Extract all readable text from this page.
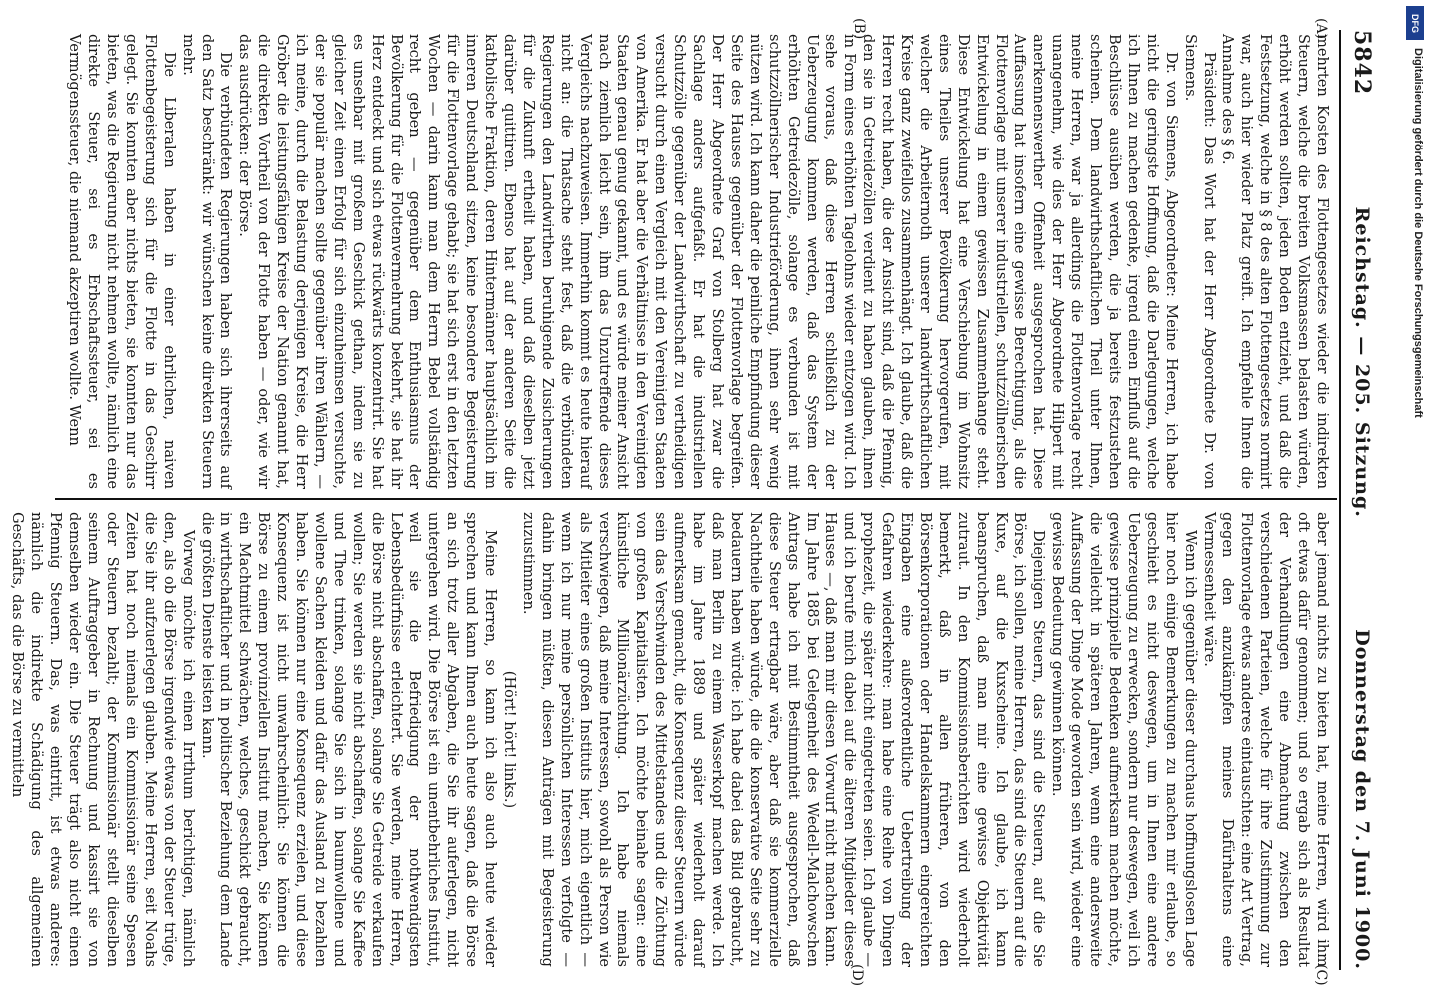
5842
Reichstag. — 205. Sitzung.
Donnerstag den 7. Juni 1900.
(A)
(B)
(C)
(D)

mehrten Kosten des Flottengesetzes wieder die indirekten Steuern, welche die breiten Volksmassen belasten würden, erhöht werden sollten, jeden Boden entzieht, und daß die Festsetzung, welche in § 8 des alten Flottengesetzes normirt war, auch hier wieder Platz greift. Ich empfehle Ihnen die Annahme des § 6.

Präsident: Das Wort hat der Herr Abgeordnete Dr. von Siemens.

Dr. von Siemens, Abgeordneter: Meine Herren, ich habe nicht die geringste Hoffnung, daß die Darlegungen, welche ich Ihnen zu machen gedenke, irgend einen Einfluß auf die Beschlüsse ausüben werden, die ja bereits festzustehen scheinen. Dem landwirthschaftlichen Theil unter Ihnen, meine Herren, war ja allerdings die Flottenvorlage recht unangenehm, wie dies der Herr Abgeordnete Hilpert mit anerkennenswerther Offenheit ausgesprochen hat. Diese Auffassung hat insofern eine gewisse Berechtigung, als die Flottenvorlage mit unserer industriellen, schutzzöllnerischen Entwickelung in einem gewissen Zusammenhange steht. Diese Entwickelung hat eine Verschiebung im Wohnsitz eines Theiles unserer Bevölkerung hervorgerufen, mit welcher die Arbeiternoth unserer landwirthschaftlichen Kreise ganz zweifellos zusammenhängt. Ich glaube, daß die Herren recht haben, die der Ansicht sind, daß die Pfennig, den sie in Getreidezöllen verdient zu haben glauben, ihnen in Form eines erhöhten Tagelohns wieder entzogen wird. Ich sehe voraus, daß diese Herren schließlich zu der Ueberzeugung kommen werden, daß das System der erhöhten Getreidezölle, solange es verbunden ist mit schutzzöllnerischer Industrieförderung, ihnen sehr wenig nützen wird. Ich kann daher die peinliche Empfindung dieser Seite des Hauses gegenüber der Flottenvorlage begreifen. Der Herr Abgeordnete Graf von Stolberg hat zwar die Sachlage anders aufgefaßt. Er hat die industriellen Schutzzölle gegenüber der Landwirthschaft zu vertheidigen versucht durch einen Vergleich mit den Vereinigten Staaten von Amerika. Er hat aber die Verhältnisse in den Vereinigten Staaten genau genug gekannt, und es würde meiner Ansicht nach ziemlich leicht sein, ihm das Unzutreffende dieses Vergleichs nachzuweisen. Immerhin kommt es heute hierauf nicht an: die Thatsache steht fest, daß die verbündeten Regierungen den Landwirthen beruhigende Zusicherungen für die Zukunft ertheilt haben, und daß dieselben jetzt darüber quittiren. Ebenso hat auf der anderen Seite die katholische Fraktion, deren Hintermänner hauptsächlich im inneren Deutschland sitzen, keine besondere Begeisterung für die Flottenvorlage gehabt; sie hat sich erst in den letzten Wochen — darin kann man dem Herrn Bebel vollständig recht geben — gegenüber dem Enthusiasmus der Bevölkerung für die Flottenvermehrung bekehrt, sie hat ihr Herz entdeckt und sich etwas rückwärts konzentrirt. Sie hat es unsehbar mit großem Geschick gethan, indem sie zu gleicher Zeit einen Erfolg für sich einzuheimsen versuchte, der sie populär machen sollte gegenüber ihren Wählern, — ich meine, durch die Belastung derjenigen Kreise, die Herr Gröber die leistungsfähigen Kreise der Nation genannt hat, die direkten Vortheil von der Flotte haben — oder, wie wir das ausdrücken: der Börse.

Die verbündeten Regierungen haben sich ihrerseits auf den Satz beschränkt: wir wünschen keine direkten Steuern mehr.

Die Liberalen haben in einer ehrlichen, naiven Flottenbegeisterung sich für die Flotte in das Geschirr gelegt. Sie konnten aber nichts bieten, sie konnten nur das bieten, was die Regierung nicht nehmen wollte, nämlich eine direkte Steuer, sei es Erbschaftssteuer, sei es Vermögenssteuer, die niemand akzeptiren wollte. Wenn

aber jemand nichts zu bieten hat, meine Herren, wird ihm oft etwas dafür genommen; und so ergab sich als Resultat der Verhandlungen eine Abmachung zwischen den verschiedenen Parteien, welche für ihre Zustimmung zur Flottenvorlage etwas anderes eintauschten: eine Art Vertrag, gegen den anzukämpfen meines Dafürhaltens eine Vermessenheit wäre.

Wenn ich gegenüber dieser durchaus hoffnungslosen Lage hier noch einige Bemerkungen zu machen mir erlaube, so geschieht es nicht deswegen, um in Ihnen eine andere Ueberzeugung zu erwecken, sondern nur deswegen, weil ich gewisse prinzipielle Bedenken aufmerksam machen möchte, die vielleicht in späteren Jahren, wenn eine andersweite Auffassung der Dinge Mode geworden sein wird, wieder eine gewisse Bedeutung gewinnen können.

Diejenigen Steuern, das sind die Steuern, auf die Sie Börse, ich sollen, meine Herren, das sind die Steuern auf die Kuxe, auf die Kuxscheine. Ich glaube, ich kann beanspruchen, daß man mir eine gewisse Objektivität zutraut. In den Kommissionsberichten wird wiederholt bemerkt, daß in allen früheren, von den Börsenkorporationen oder Handelskammern eingereichten Eingaben eine außerordentliche Uebertreibung der Gefahren wiederkehre: man habe eine Reihe von Dingen prophezeit, die später nicht eingetreten seien. Ich glaube — und ich berufe mich dabei auf die älteren Mitglieder dieses Hauses —, daß man mir diesen Vorwurf nicht machen kann. Im Jahre 1885 bei Gelegenheit des Wedell-Malchowschen Antrags habe ich mit Bestimmtheit ausgesprochen, daß diese Steuer ertragbar wäre, aber daß sie kommerzielle Nachtheile haben würde, die die konservative Seite sehr zu bedauern haben würde: ich habe dabei das Bild gebraucht, daß man Berlin zu einem Wasserkopf machen werde. Ich habe im Jahre 1889 und später wiederholt darauf aufmerksam gemacht, die Konsequenz dieser Steuern würde sein das Verschwinden des Mittelstandes und die Züchtung von großen Kapitalisten. Ich möchte beinahe sagen: eine künstliche Millionärzüchtung. Ich habe niemals verschwiegen, daß meine Interessen, sowohl als Person wie als Mitleiter eines großen Instituts hier, mich eigentlich — wenn ich nur meine persönlichen Interessen verfolgte — dahin bringen müßten, diesen Anträgen mit Begeisterung zuzustimmen.

(Hört! hört! links.)

Meine Herren, so kann ich also auch heute wieder sprechen und kann Ihnen auch heute sagen, daß die Börse an sich trotz aller Abgaben, die Sie ihr auferlegen, nicht untergehen wird. Die Börse ist ein unentbehrliches Institut, weil sie die Befriedigung der nothwendigsten Lebensbedürfnisse erleichtert. Sie werden, meine Herren, die Börse nicht abschaffen, solange Sie Getreide verkaufen wollen; Sie werden sie nicht abschaffen, solange Sie Kaffee und Thee trinken, solange Sie sich in baumwollene und wollene Sachen kleiden und dafür das Ausland zu bezahlen haben. Sie können nur eine Konsequenz erzielen, und diese Konsequenz ist nicht unwahrscheinlich: Sie können die Börse zu einem provinziellen Institut machen, Sie können ein Machtmittel schwächen, welches, geschickt gebraucht, in wirthschaftlicher und in politischer Beziehung dem Lande die größten Dienste leisten kann.

Vorweg möchte ich einen Irrthum berichtigen, nämlich den, als ob die Börse irgendwie etwas von der Steuer trüge, die Sie ihr aufzuerlegen glauben. Meine Herren, seit Noahs Zeiten hat noch niemals ein Kommissionär seine Spesen oder Steuern bezahlt; der Kommissionär stellt dieselben seinem Auftraggeber in Rechnung und kassirt sie von demselben wieder ein. Die Steuer trägt also nicht einen Pfennig Steuern. Das, was eintritt, ist etwas anderes: nämlich die indirekte Schädigung des allgemeinen Geschäfts, das die Börse zu vermitteln

DFG
Digitalisierung gefördert durch die Deutsche Forschungsgemeinschaft
